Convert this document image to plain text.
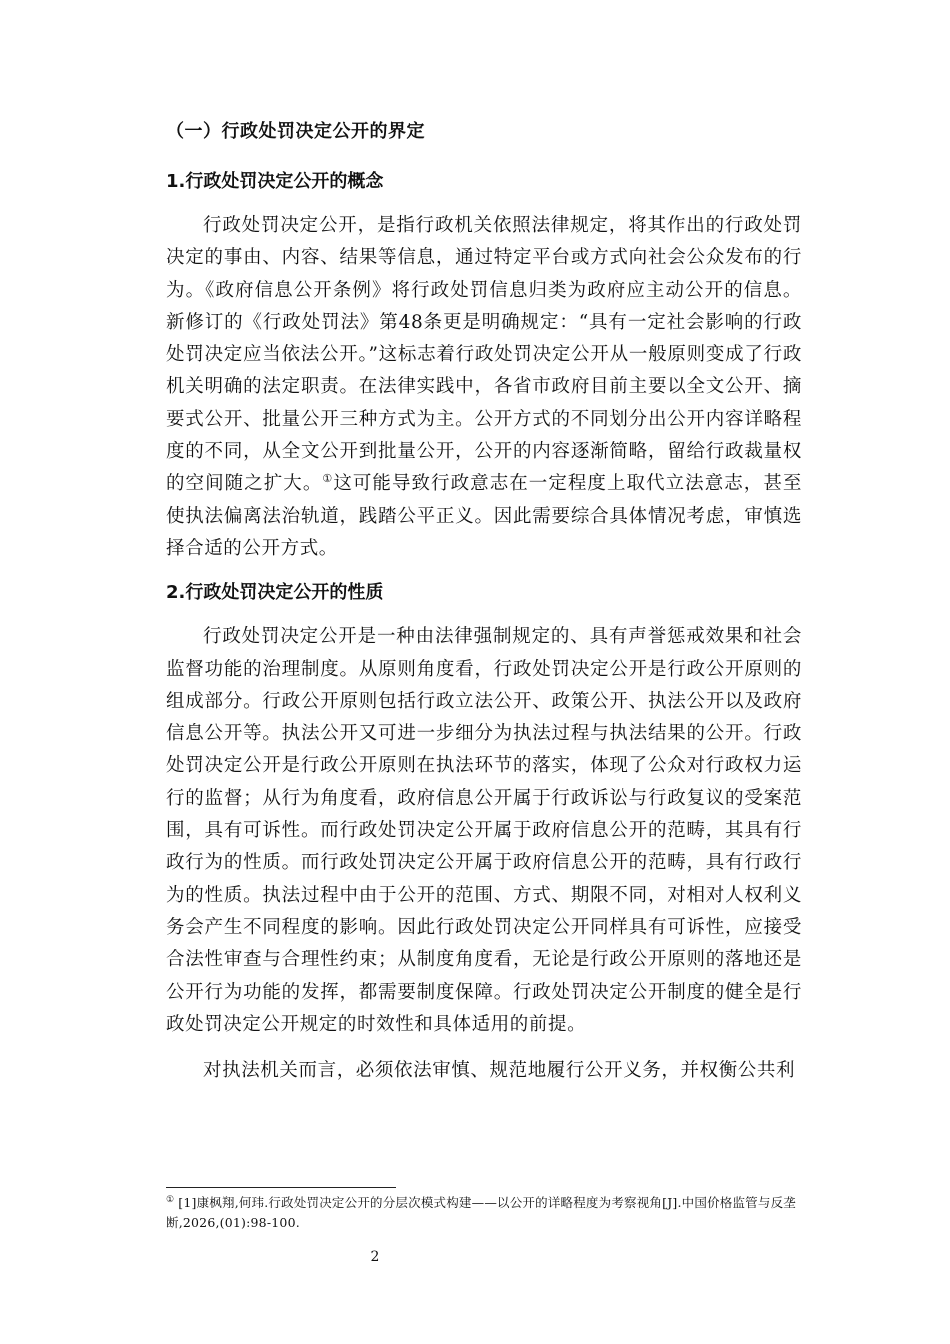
（一）行政处罚决定公开的界定
1.行政处罚决定公开的概念

行政处罚决定公开，是指行政机关依照法律规定，将其作出的行政处罚决定的事由、内容、结果等信息，通过特定平台或方式向社会公众发布的行为。《政府信息公开条例》将行政处罚信息归类为政府应主动公开的信息。新修订的《行政处罚法》第48条更是明确规定：“具有一定社会影响的行政处罚决定应当依法公开。”这标志着行政处罚决定公开从一般原则变成了行政机关明确的法定职责。在法律实践中，各省市政府目前主要以全文公开、摘要式公开、批量公开三种方式为主。公开方式的不同划分出公开内容详略程度的不同，从全文公开到批量公开，公开的内容逐渐简略，留给行政裁量权的空间随之扩大。①这可能导致行政意志在一定程度上取代立法意志，甚至使执法偏离法治轨道，践踏公平正义。因此需要综合具体情况考虑，审慎选择合适的公开方式。

2.行政处罚决定公开的性质

行政处罚决定公开是一种由法律强制规定的、具有声誉惩戒效果和社会监督功能的治理制度。从原则角度看，行政处罚决定公开是行政公开原则的组成部分。行政公开原则包括行政立法公开、政策公开、执法公开以及政府信息公开等。执法公开又可进一步细分为执法过程与执法结果的公开。行政处罚决定公开是行政公开原则在执法环节的落实，体现了公众对行政权力运行的监督；从行为角度看，政府信息公开属于行政诉讼与行政复议的受案范围，具有可诉性。而行政处罚决定公开属于政府信息公开的范畴，其具有行政行为的性质。而行政处罚决定公开属于政府信息公开的范畴，具有行政行为的性质。执法过程中由于公开的范围、方式、期限不同，对相对人权利义务会产生不同程度的影响。因此行政处罚决定公开同样具有可诉性，应接受合法性审查与合理性约束；从制度角度看，无论是行政公开原则的落地还是公开行为功能的发挥，都需要制度保障。行政处罚决定公开制度的健全是行政处罚决定公开规定的时效性和具体适用的前提。

对执法机关而言，必须依法审慎、规范地履行公开义务，并权衡公共利

① [1]康枫翔,何玮.行政处罚决定公开的分层次模式构建——以公开的详略程度为考察视角[J].中国价格监管与反垄断,2026,(01):98-100.
2
